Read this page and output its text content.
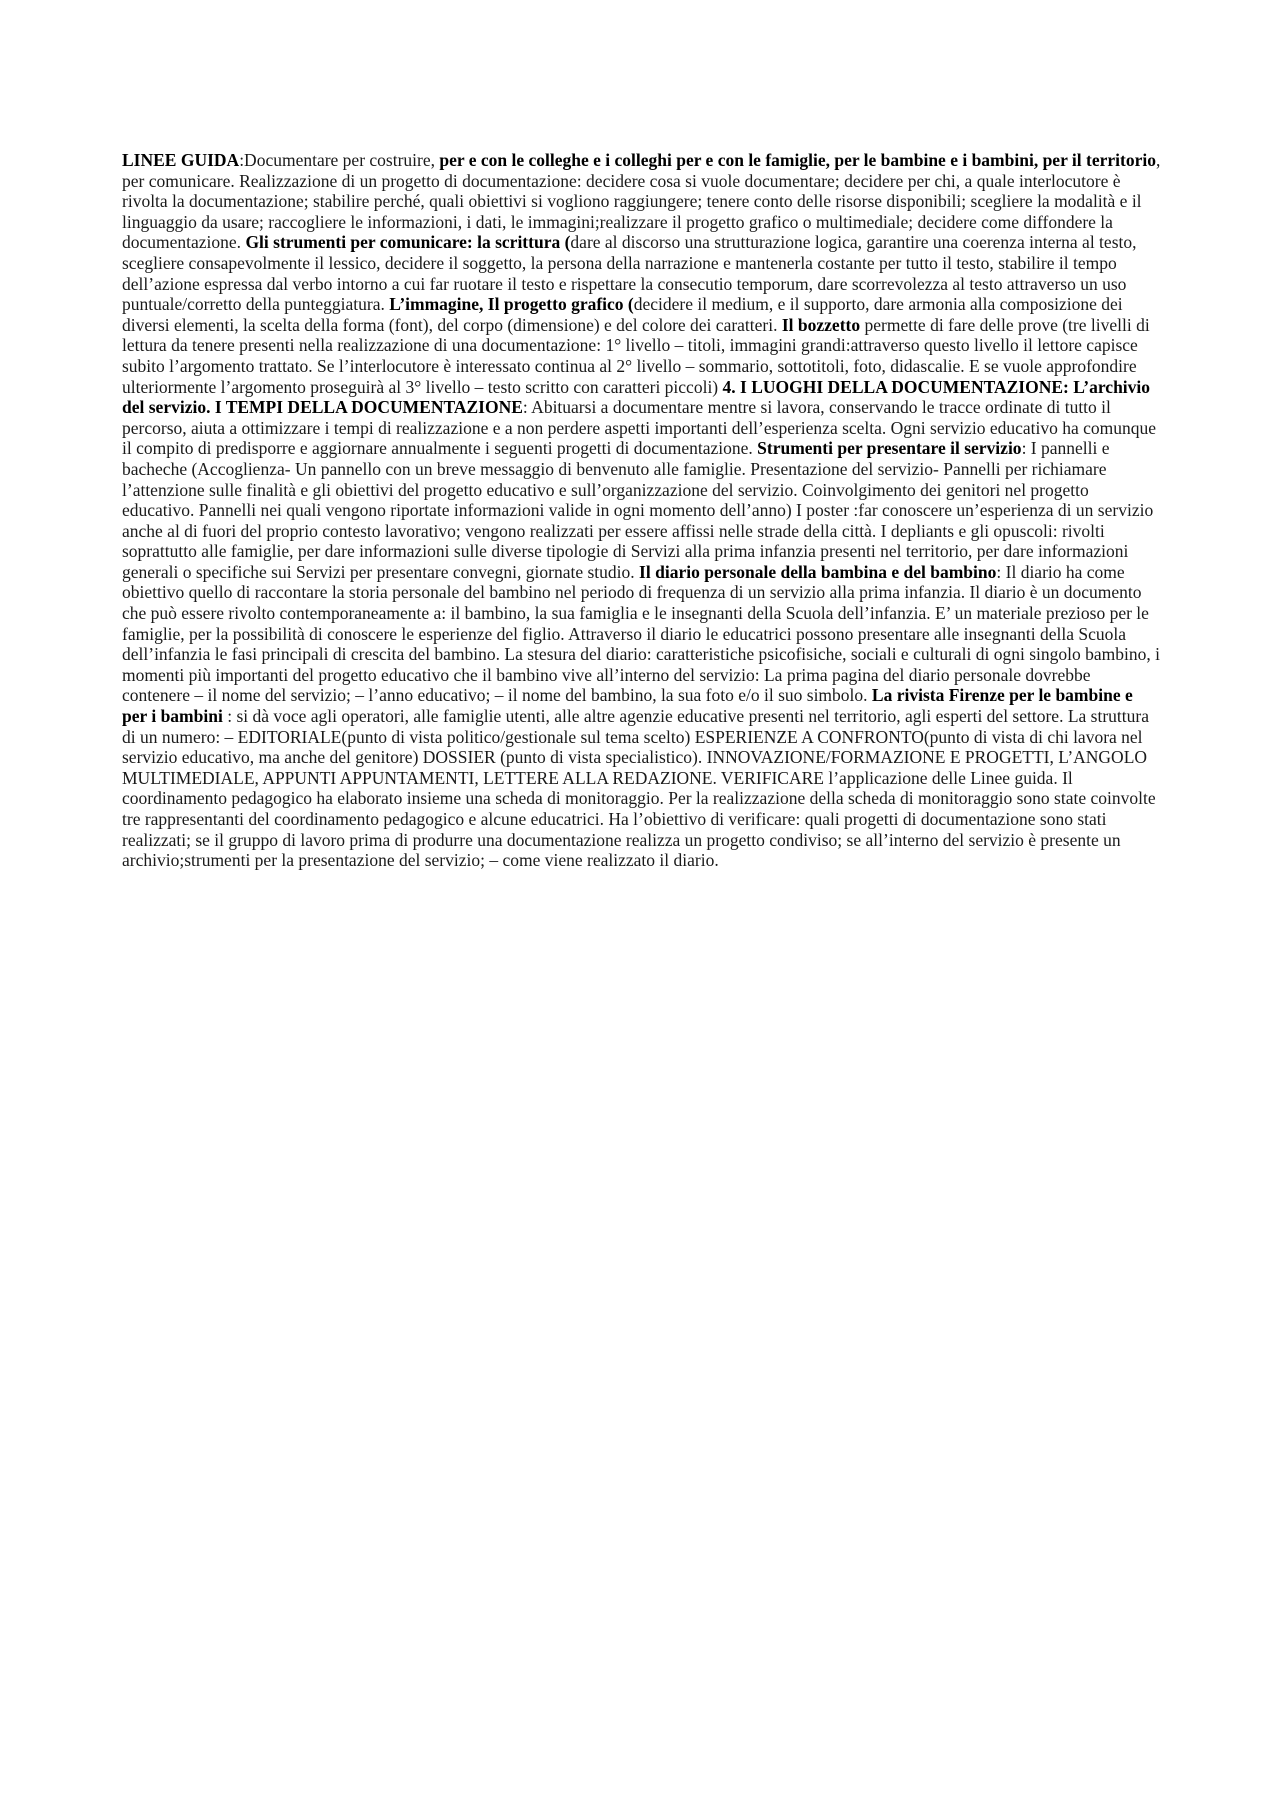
LINEE GUIDA:Documentare per costruire, per e con le colleghe e i colleghi per e con le famiglie, per le bambine e i bambini, per il territorio, per comunicare. Realizzazione di un progetto di documentazione: decidere cosa si vuole documentare; decidere per chi, a quale interlocutore è rivolta la documentazione; stabilire perché, quali obiettivi si vogliono raggiungere; tenere conto delle risorse disponibili; scegliere la modalità e il linguaggio da usare; raccogliere le informazioni, i dati, le immagini;realizzare il progetto grafico o multimediale; decidere come diffondere la documentazione. Gli strumenti per comunicare: la scrittura (dare al discorso una strutturazione logica, garantire una coerenza interna al testo, scegliere consapevolmente il lessico, decidere il soggetto, la persona della narrazione e mantenerla costante per tutto il testo, stabilire il tempo dell’azione espressa dal verbo intorno a cui far ruotare il testo e rispettare la consecutio temporum, dare scorrevolezza al testo attraverso un uso puntuale/corretto della punteggiatura. L’immagine, Il progetto grafico (decidere il medium, e il supporto, dare armonia alla composizione dei diversi elementi, la scelta della forma (font), del corpo (dimensione) e del colore dei caratteri. Il bozzetto permette di fare delle prove (tre livelli di lettura da tenere presenti nella realizzazione di una documentazione: 1° livello – titoli, immagini grandi:attraverso questo livello il lettore capisce subito l’argomento trattato. Se l’interlocutore è interessato continua al 2° livello – sommario, sottotitoli, foto, didascalie. E se vuole approfondire ulteriormente l’argomento proseguirà al 3° livello – testo scritto con caratteri piccoli) 4. I LUOGHI DELLA DOCUMENTAZIONE: L’archivio del servizio. I TEMPI DELLA DOCUMENTAZIONE: Abituarsi a documentare mentre si lavora, conservando le tracce ordinate di tutto il percorso, aiuta a ottimizzare i tempi di realizzazione e a non perdere aspetti importanti dell’esperienza scelta. Ogni servizio educativo ha comunque il compito di predisporre e aggiornare annualmente i seguenti progetti di documentazione. Strumenti per presentare il servizio: I pannelli e bacheche (Accoglienza- Un pannello con un breve messaggio di benvenuto alle famiglie. Presentazione del servizio- Pannelli per richiamare l’attenzione sulle finalità e gli obiettivi del progetto educativo e sull’organizzazione del servizio. Coinvolgimento dei genitori nel progetto educativo. Pannelli nei quali vengono riportate informazioni valide in ogni momento dell’anno) I poster :far conoscere un’esperienza di un servizio anche al di fuori del proprio contesto lavorativo; vengono realizzati per essere affissi nelle strade della città. I depliants e gli opuscoli: rivolti soprattutto alle famiglie, per dare informazioni sulle diverse tipologie di Servizi alla prima infanzia presenti nel territorio, per dare informazioni generali o specifiche sui Servizi per presentare convegni, giornate studio. Il diario personale della bambina e del bambino: Il diario ha come obiettivo quello di raccontare la storia personale del bambino nel periodo di frequenza di un servizio alla prima infanzia. Il diario è un documento che può essere rivolto contemporaneamente a: il bambino, la sua famiglia e le insegnanti della Scuola dell’infanzia. E’ un materiale prezioso per le famiglie, per la possibilità di conoscere le esperienze del figlio. Attraverso il diario le educatrici possono presentare alle insegnanti della Scuola dell’infanzia le fasi principali di crescita del bambino. La stesura del diario: caratteristiche psicofisiche, sociali e culturali di ogni singolo bambino, i momenti più importanti del progetto educativo che il bambino vive all’interno del servizio: La prima pagina del diario personale dovrebbe contenere – il nome del servizio; – l’anno educativo; – il nome del bambino, la sua foto e/o il suo simbolo. La rivista Firenze per le bambine e per i bambini : si dà voce agli operatori, alle famiglie utenti, alle altre agenzie educative presenti nel territorio, agli esperti del settore. La struttura di un numero: – EDITORIALE(punto di vista politico/gestionale sul tema scelto) ESPERIENZE A CONFRONTO(punto di vista di chi lavora nel servizio educativo, ma anche del genitore) DOSSIER (punto di vista specialistico). INNOVAZIONE/FORMAZIONE E PROGETTI, L’ANGOLO MULTIMEDIALE, APPUNTI APPUNTAMENTI, LETTERE ALLA REDAZIONE. VERIFICARE l’applicazione delle Linee guida. Il coordinamento pedagogico ha elaborato insieme una scheda di monitoraggio. Per la realizzazione della scheda di monitoraggio sono state coinvolte tre rappresentanti del coordinamento pedagogico e alcune educatrici. Ha l’obiettivo di verificare: quali progetti di documentazione sono stati realizzati; se il gruppo di lavoro prima di produrre una documentazione realizza un progetto condiviso; se all’interno del servizio è presente un archivio;strumenti per la presentazione del servizio; – come viene realizzato il diario.
